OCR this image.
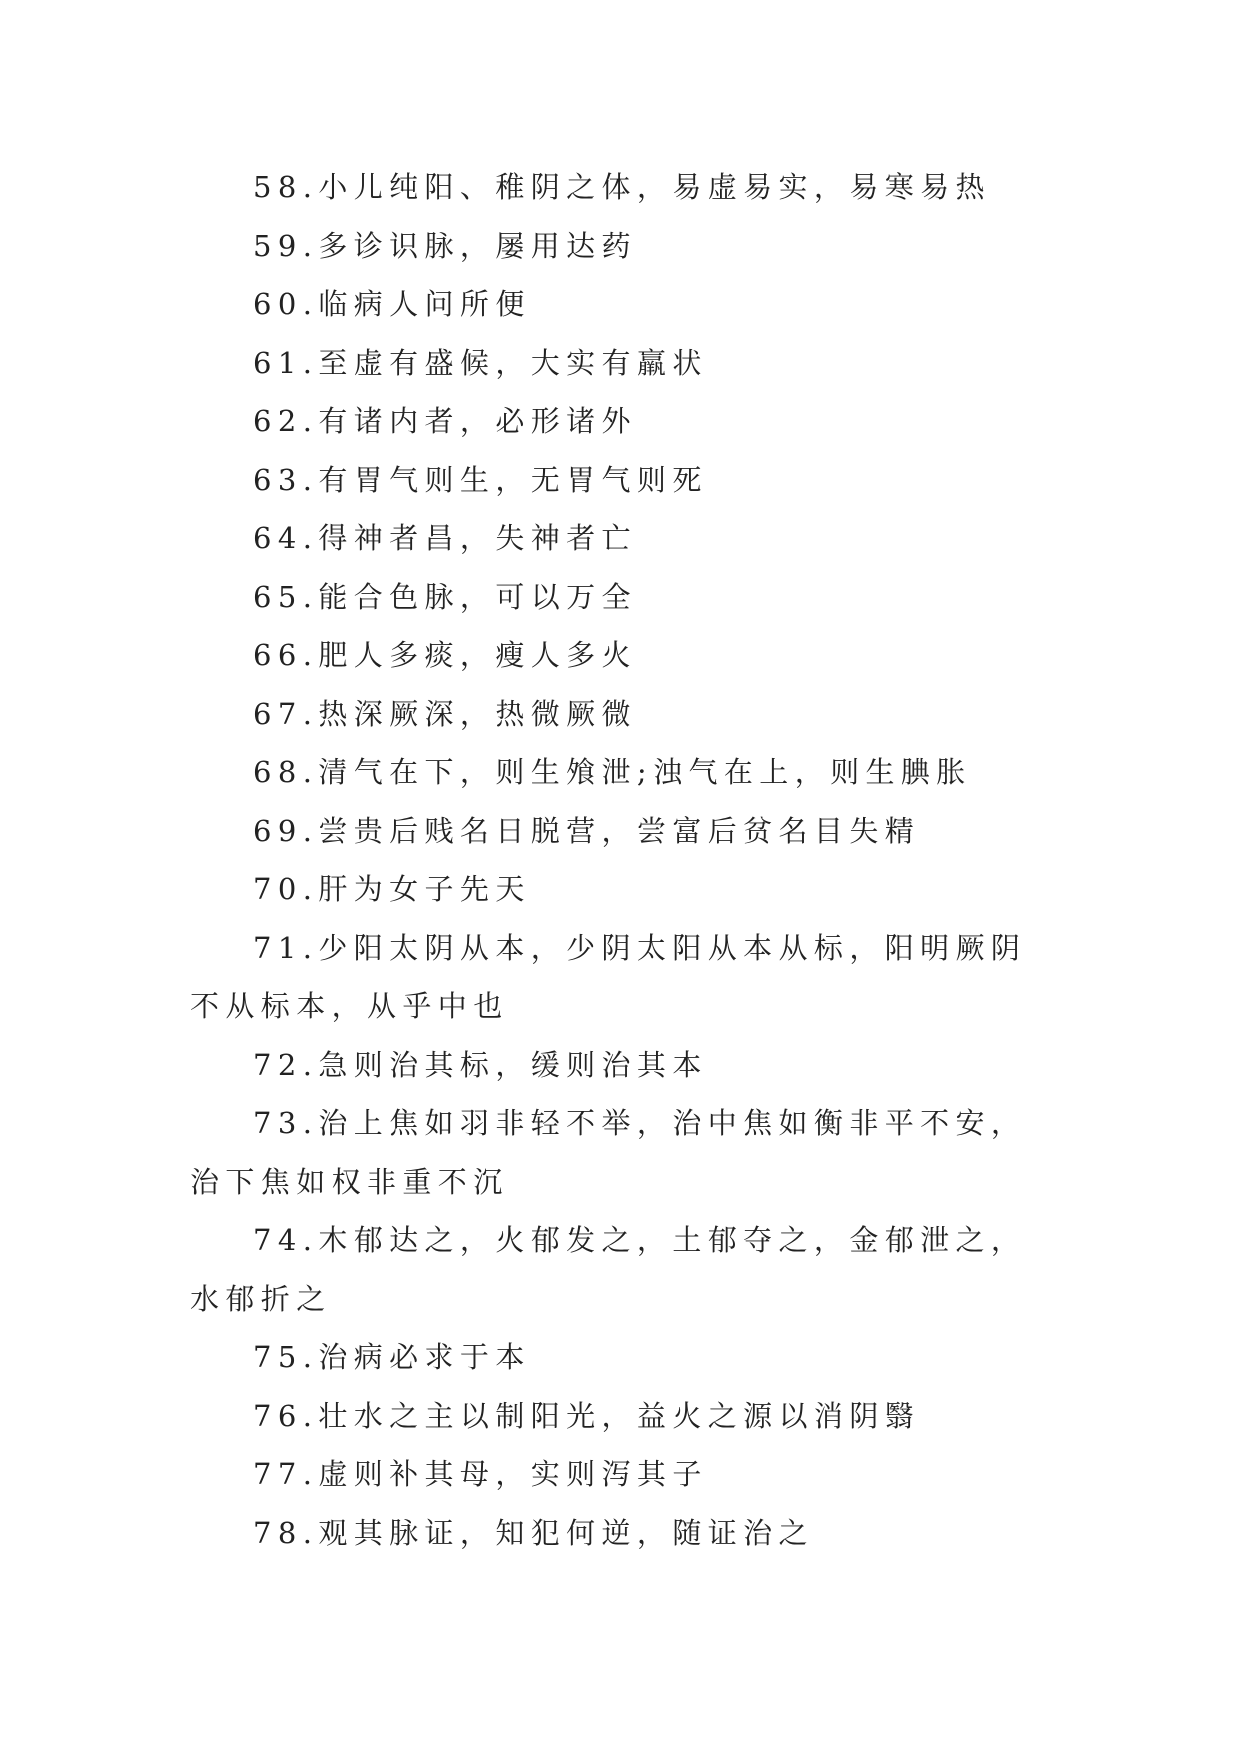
58.小儿纯阳、稚阴之体，易虚易实，易寒易热

59.多诊识脉，屡用达药

60.临病人问所便

61.至虚有盛候，大实有羸状

62.有诸内者，必形诸外

63.有胃气则生，无胃气则死

64.得神者昌，失神者亡

65.能合色脉，可以万全

66.肥人多痰，瘦人多火

67.热深厥深，热微厥微

68.清气在下，则生飧泄;浊气在上，则生腆胀

69.尝贵后贱名日脱营，尝富后贫名目失精

70.肝为女子先天

71.少阳太阴从本，少阴太阳从本从标，阳明厥阴不从标本，从乎中也

72.急则治其标，缓则治其本

73.治上焦如羽非轻不举，治中焦如衡非平不安，治下焦如权非重不沉

74.木郁达之，火郁发之，土郁夺之，金郁泄之，水郁折之

75.治病必求于本

76.壮水之主以制阳光，益火之源以消阴翳

77.虚则补其母，实则泻其子

78.观其脉证，知犯何逆，随证治之
